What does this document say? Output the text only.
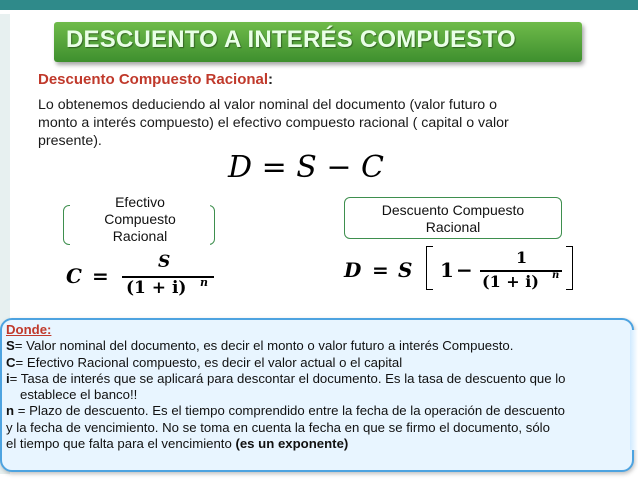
DESCUENTO A INTERÉS COMPUESTO
Descuento Compuesto Racional:
Lo obtenemos deduciendo al valor nominal del documento (valor futuro o
monto a interés compuesto) el efectivo compuesto racional ( capital o valor
presente).
D = S − C
Efectivo
Compuesto
Racional
C =
S
(1 + i) n
Descuento Compuesto
Racional
D = S 1 −
1
(1 + i) n
Donde:
S= Valor nominal del documento, es decir el monto o valor futuro a interés Compuesto.
C= Efectivo Racional compuesto, es decir el valor actual o el capital
i= Tasa de interés que se aplicará para descontar el documento. Es la tasa de descuento que lo
establece el banco!!
n = Plazo de descuento. Es el tiempo comprendido entre la fecha de la operación de descuento
y la fecha de vencimiento. No se toma en cuenta la fecha en que se firmo el documento, sólo
el tiempo que falta para el vencimiento (es un exponente)
